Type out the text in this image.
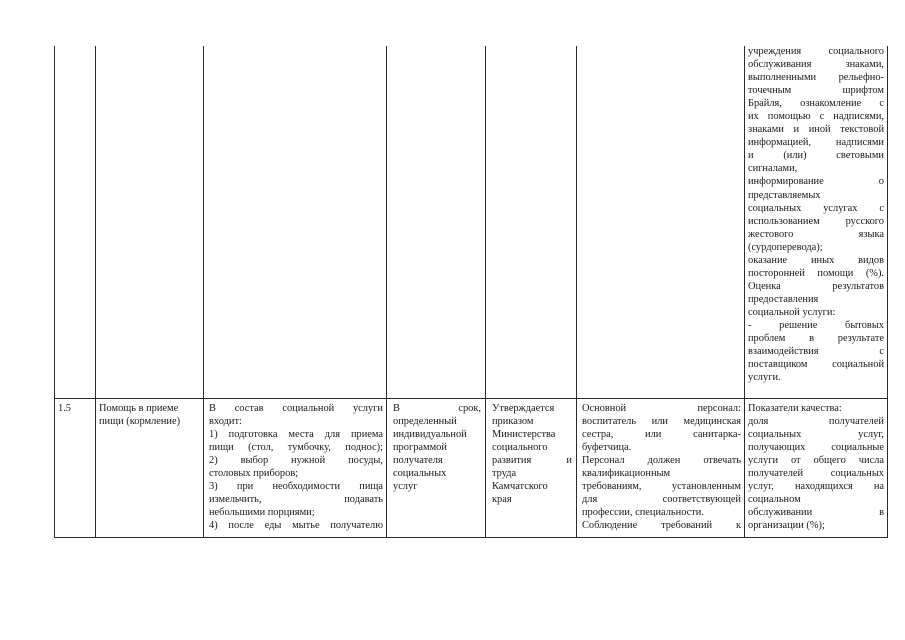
учреждения социального
обслуживания знаками,
выполненными рельефно-
точечным шрифтом
Брайля, ознакомление с
их помощью с надписями,
знаками и иной текстовой
информацией, надписями
и (или) световыми
сигналами,
информирование о
представляемых
социальных услугах с
использованием русского
жестового языка
(сурдоперевода);
оказание иных видов
посторонней помощи (%).
Оценка результатов
предоставления
социальной услуги:
- решение бытовых
проблем в результате
взаимодействия с
поставщиком социальной
услуги.
1.5	Помощь в приеме
пищи (кормление)
В состав социальной услуги
входит:
1) подготовка места для приема
пищи (стол, тумбочку, поднос);
2) выбор нужной посуды,
столовых приборов;
3) при необходимости пища
измельчить, подавать
небольшими порциями;
4) после еды мытье получателю
В срок,
определенный
индивидуальной
программой
получателя
социальных
услуг
Утверждается
приказом
Министерства
социального
развития и
труда
Камчатского
края
Основной персонал:
воспитатель или медицинская
сестра, или санитарка-
буфетчица.
Персонал должен отвечать
квалификационным
требованиям, установленным
для соответствующей
профессии, специальности.
Соблюдение требований к
Показатели качества:
доля получателей
социальных услуг,
получающих социальные
услуги от общего числа
получателей социальных
услуг, находящихся на
социальном
обслуживании в
организации (%);
